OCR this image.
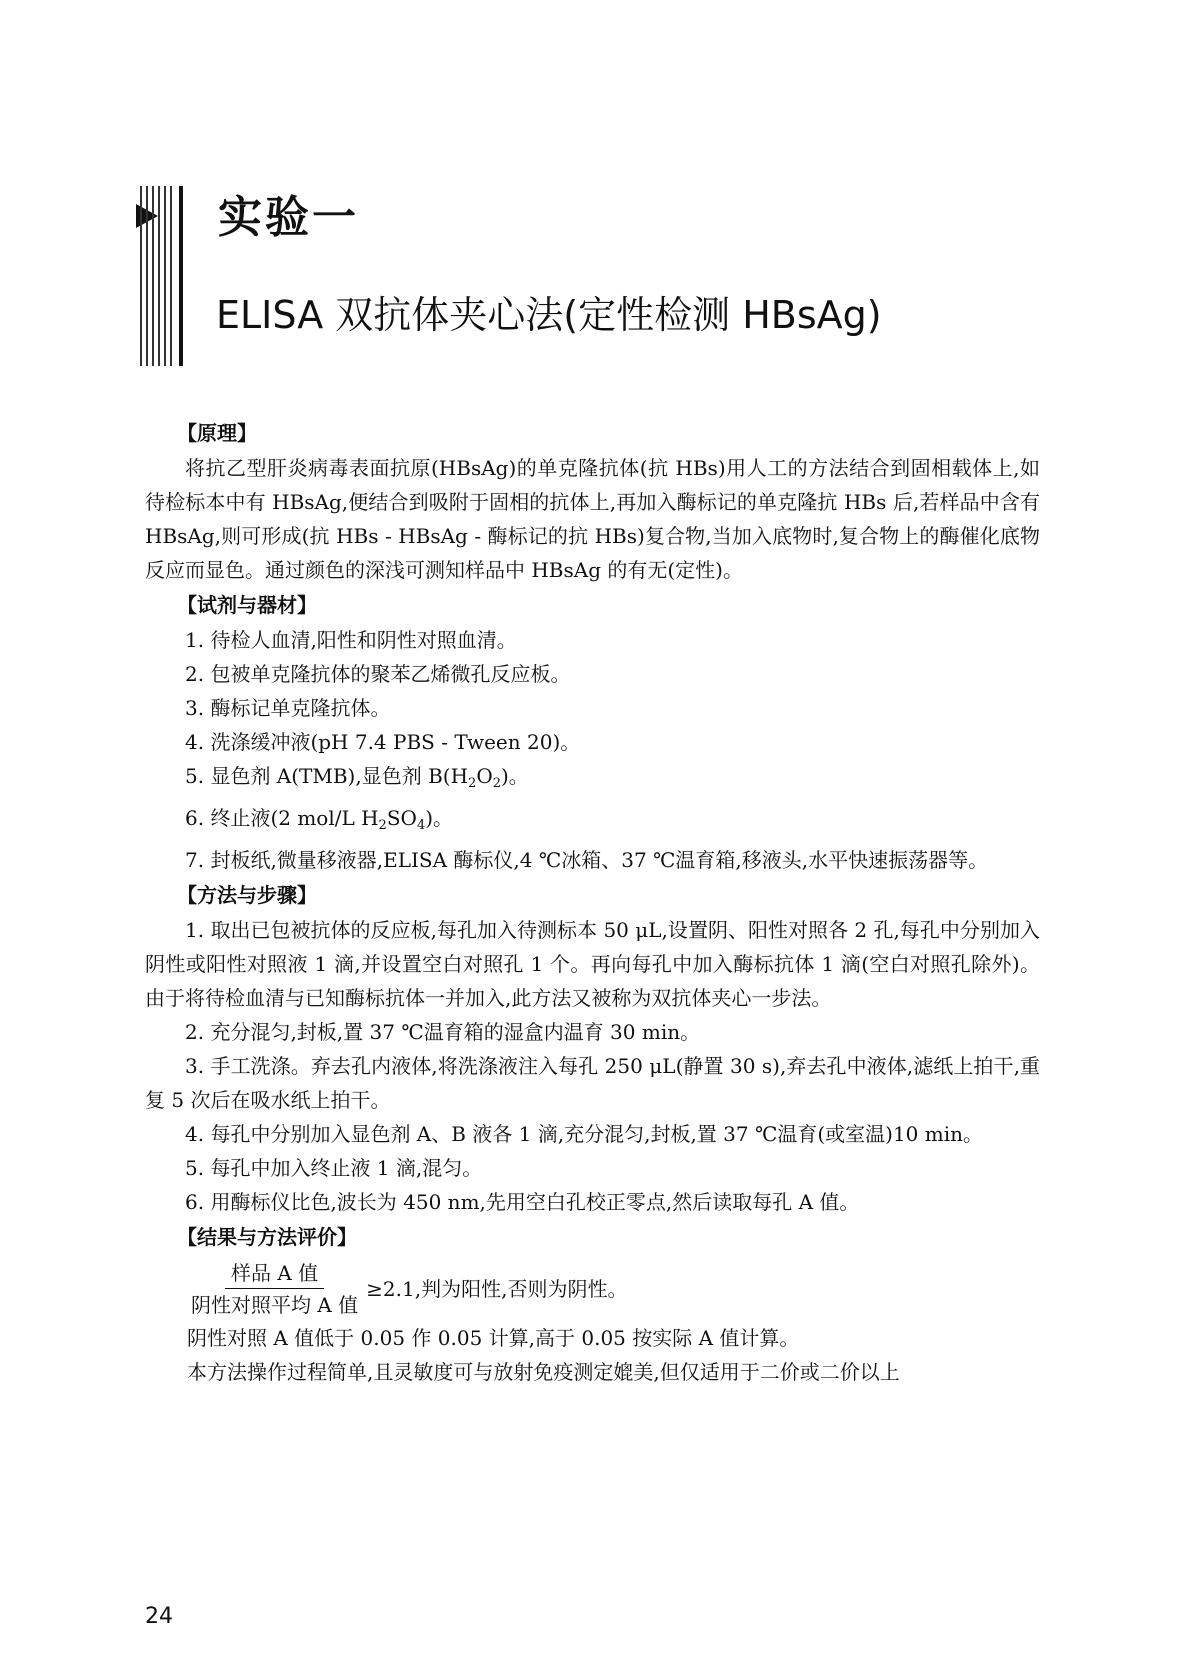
实验一
ELISA 双抗体夹心法(定性检测 HBsAg)
【原理】

将抗乙型肝炎病毒表面抗原(HBsAg)的单克隆抗体(抗 HBs)用人工的方法结合到固相载体上,如待检标本中有 HBsAg,便结合到吸附于固相的抗体上,再加入酶标记的单克隆抗 HBs 后,若样品中含有 HBsAg,则可形成(抗 HBs - HBsAg - 酶标记的抗 HBs)复合物,当加入底物时,复合物上的酶催化底物反应而显色。通过颜色的深浅可测知样品中 HBsAg 的有无(定性)。

【试剂与器材】

1. 待检人血清,阳性和阴性对照血清。

2. 包被单克隆抗体的聚苯乙烯微孔反应板。

3. 酶标记单克隆抗体。

4. 洗涤缓冲液(pH 7.4 PBS - Tween 20)。

5. 显色剂 A(TMB),显色剂 $B(H_2O_2)$。

6. 终止液(2 mol/L $H_2SO_4$)。

7. 封板纸,微量移液器,ELISA 酶标仪,4 ℃冰箱、37 ℃温育箱,移液头,水平快速振荡器等。

【方法与步骤】

1. 取出已包被抗体的反应板,每孔加入待测标本 50 μL,设置阴、阳性对照各 2 孔,每孔中分别加入阴性或阳性对照液 1 滴,并设置空白对照孔 1 个。再向每孔中加入酶标抗体 1 滴(空白对照孔除外)。由于将待检血清与已知酶标抗体一并加入,此方法又被称为双抗体夹心一步法。

2. 充分混匀,封板,置 37 ℃温育箱的湿盒内温育 30 min。

3. 手工洗涤。弃去孔内液体,将洗涤液注入每孔 250 μL(静置 30 s),弃去孔中液体,滤纸上拍干,重复 5 次后在吸水纸上拍干。

4. 每孔中分别加入显色剂 A、B 液各 1 滴,充分混匀,封板,置 37 ℃温育(或室温)10 min。

5. 每孔中加入终止液 1 滴,混匀。

6. 用酶标仪比色,波长为 450 nm,先用空白孔校正零点,然后读取每孔 A 值。

【结果与方法评价】
$\frac{\text{样品 A 值}}{\text{阴性对照平均 A 值}} \ge 2.1$,判为阳性,否则为阴性。

阴性对照 A 值低于 0.05 作 0.05 计算,高于 0.05 按实际 A 值计算。

本方法操作过程简单,且灵敏度可与放射免疫测定媲美,但仅适用于二价或二价以上

24
